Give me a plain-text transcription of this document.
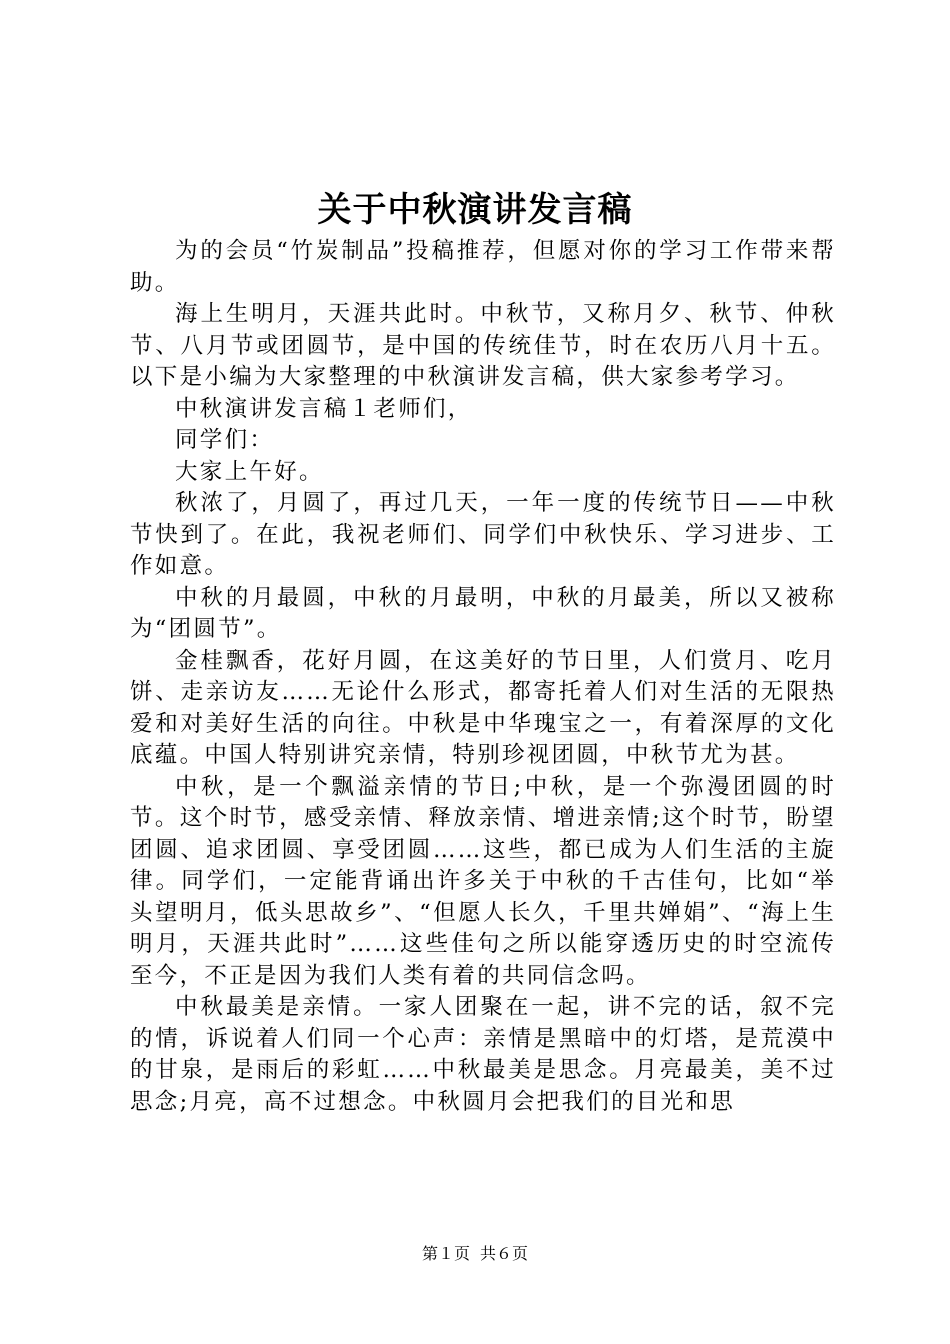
关于中秋演讲发言稿

为的会员“竹炭制品”投稿推荐，但愿对你的学习工作带来帮助。

海上生明月，天涯共此时。中秋节，又称月夕、秋节、仲秋节、八月节或团圆节，是中国的传统佳节，时在农历八月十五。以下是小编为大家整理的中秋演讲发言稿，供大家参考学习。

中秋演讲发言稿１老师们，

同学们：

大家上午好。

秋浓了，月圆了，再过几天，一年一度的传统节日——中秋节快到了。在此，我祝老师们、同学们中秋快乐、学习进步、工作如意。

中秋的月最圆，中秋的月最明，中秋的月最美，所以又被称为“团圆节”。

金桂飘香，花好月圆，在这美好的节日里，人们赏月、吃月饼、走亲访友……无论什么形式，都寄托着人们对生活的无限热爱和对美好生活的向往。中秋是中华瑰宝之一，有着深厚的文化底蕴。中国人特别讲究亲情，特别珍视团圆，中秋节尤为甚。

中秋，是一个飘溢亲情的节日;中秋，是一个弥漫团圆的时节。这个时节，感受亲情、释放亲情、增进亲情;这个时节，盼望团圆、追求团圆、享受团圆……这些，都已成为人们生活的主旋律。同学们，一定能背诵出许多关于中秋的千古佳句，比如“举头望明月，低头思故乡”、“但愿人长久，千里共婵娟”、“海上生明月，天涯共此时”……这些佳句之所以能穿透历史的时空流传至今，不正是因为我们人类有着的共同信念吗。

中秋最美是亲情。一家人团聚在一起，讲不完的话，叙不完的情，诉说着人们同一个心声：亲情是黑暗中的灯塔，是荒漠中的甘泉，是雨后的彩虹……中秋最美是思念。月亮最美，美不过思念;月亮，高不过想念。中秋圆月会把我们的目光和思

第１页 共６页
